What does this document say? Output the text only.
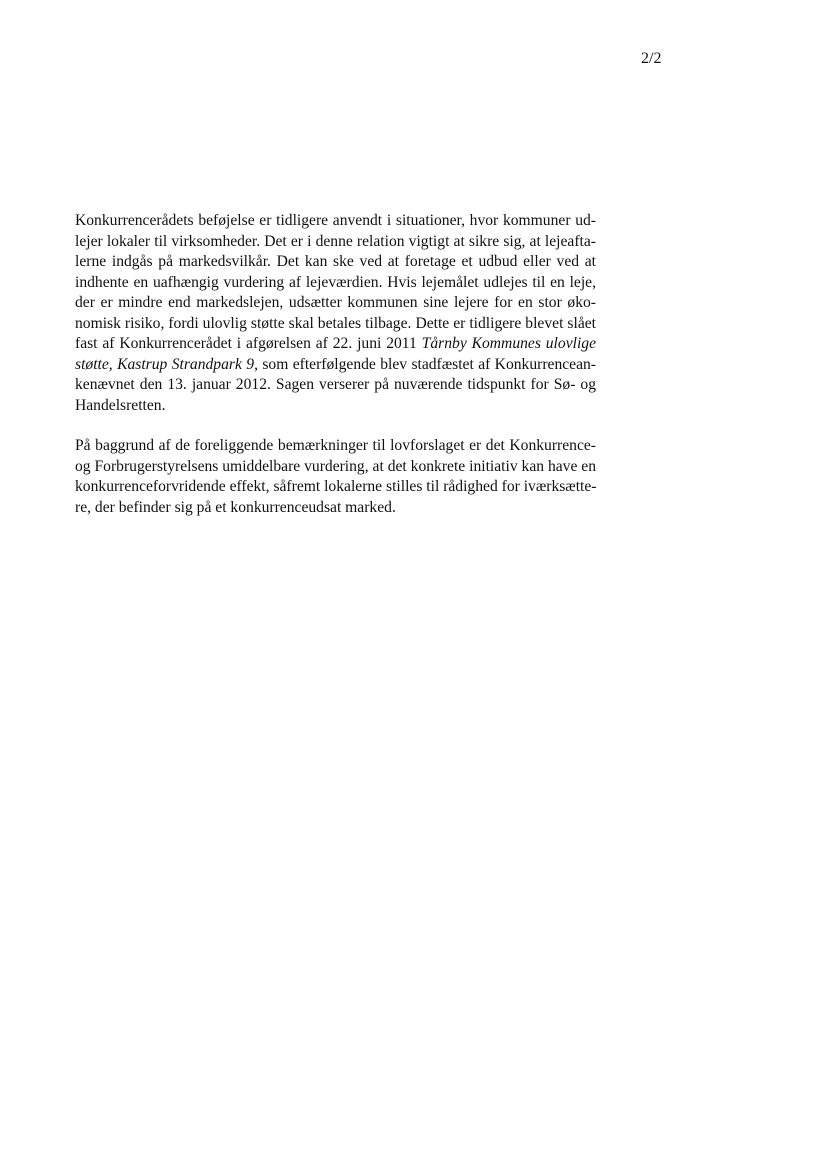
2/2

Konkurrencerådets beføjelse er tidligere anvendt i situationer, hvor kommuner ud-
lejer lokaler til virksomheder. Det er i denne relation vigtigt at sikre sig, at lejeafta-
lerne indgås på markedsvilkår. Det kan ske ved at foretage et udbud eller ved at
indhente en uafhængig vurdering af lejeværdien. Hvis lejemålet udlejes til en leje,
der er mindre end markedslejen, udsætter kommunen sine lejere for en stor øko-
nomisk risiko, fordi ulovlig støtte skal betales tilbage. Dette er tidligere blevet slået
fast af Konkurrencerådet i afgørelsen af 22. juni 2011 Tårnby Kommunes ulovlige
støtte, Kastrup Strandpark 9, som efterfølgende blev stadfæstet af Konkurrencean-
kenævnet den 13. januar 2012. Sagen verserer på nuværende tidspunkt for Sø- og
Handelsretten.

På baggrund af de foreliggende bemærkninger til lovforslaget er det Konkurrence-
og Forbrugerstyrelsens umiddelbare vurdering, at det konkrete initiativ kan have en
konkurrenceforvridende effekt, såfremt lokalerne stilles til rådighed for iværksætte-
re, der befinder sig på et konkurrenceudsat marked.
